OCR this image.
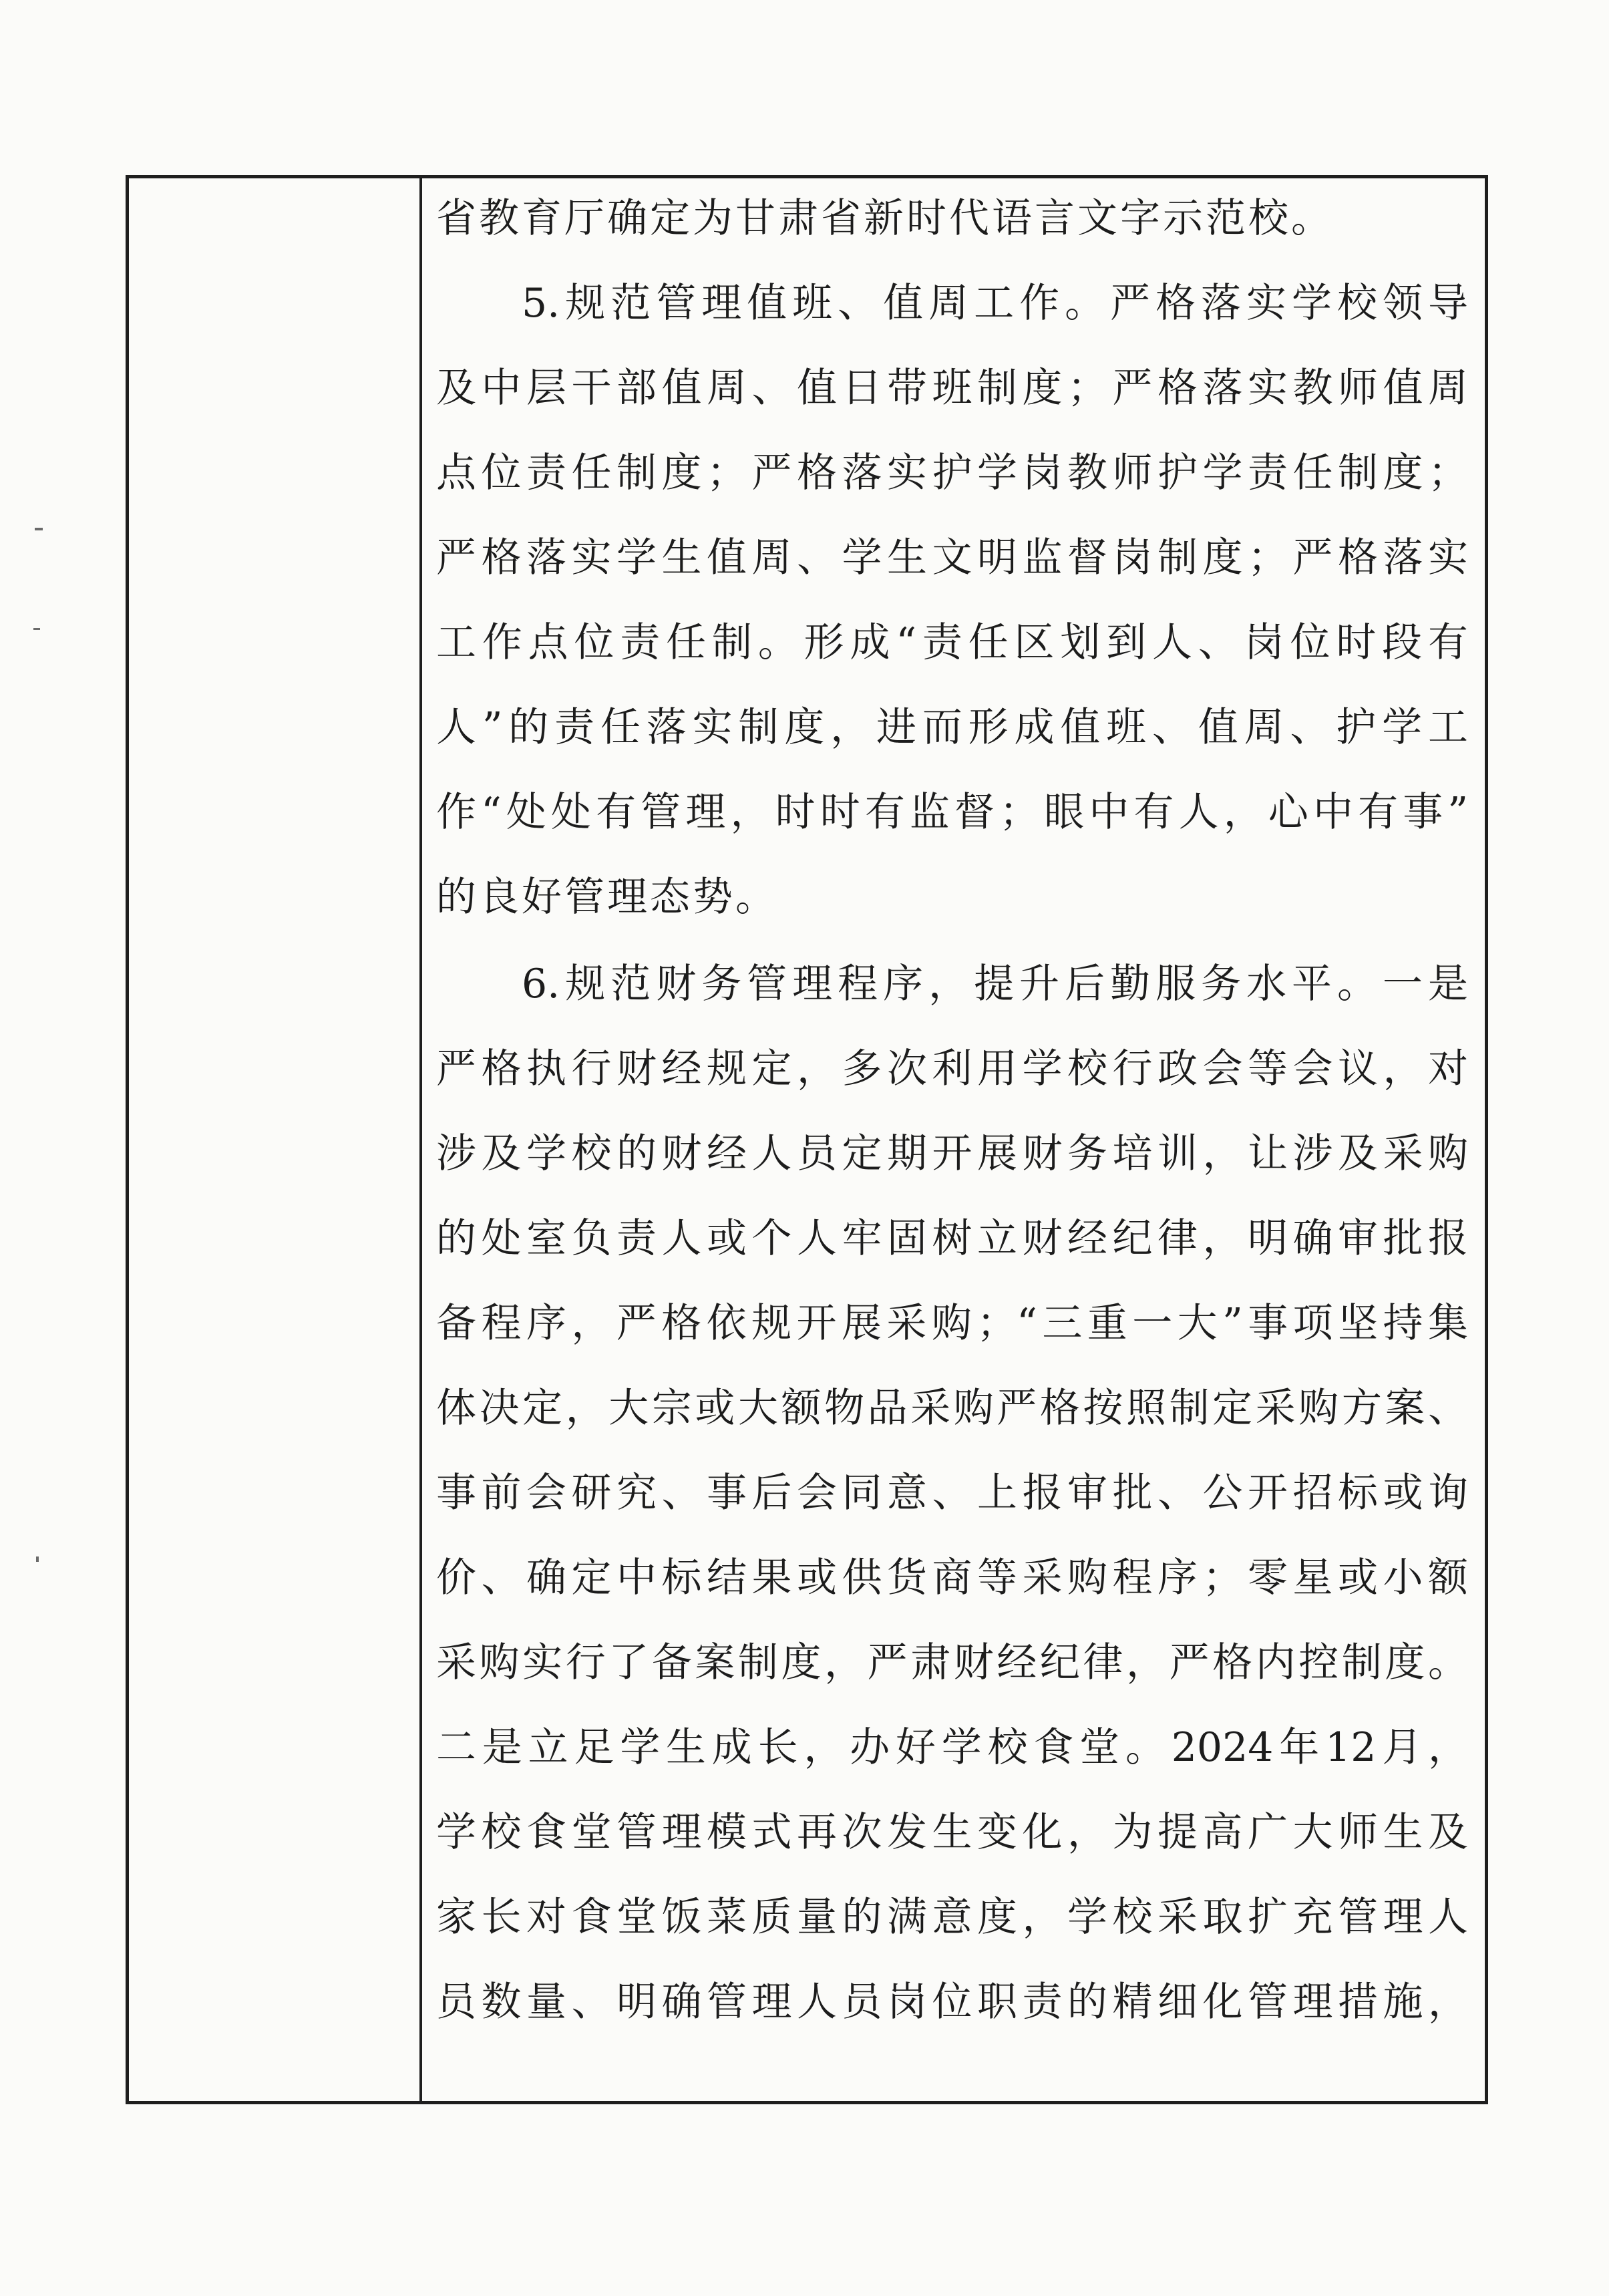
省教育厅确定为甘肃省新时代语言文字示范校。
5.规范管理值班、值周工作。严格落实学校领导
及中层干部值周、值日带班制度；严格落实教师值周
点位责任制度；严格落实护学岗教师护学责任制度；
严格落实学生值周、学生文明监督岗制度；严格落实
工作点位责任制。形成“责任区划到人、岗位时段有
人”的责任落实制度，进而形成值班、值周、护学工
作“处处有管理，时时有监督；眼中有人，心中有事”
的良好管理态势。
6.规范财务管理程序，提升后勤服务水平。一是
严格执行财经规定，多次利用学校行政会等会议，对
涉及学校的财经人员定期开展财务培训，让涉及采购
的处室负责人或个人牢固树立财经纪律，明确审批报
备程序，严格依规开展采购；“三重一大”事项坚持集
体决定，大宗或大额物品采购严格按照制定采购方案、
事前会研究、事后会同意、上报审批、公开招标或询
价、确定中标结果或供货商等采购程序；零星或小额
采购实行了备案制度，严肃财经纪律，严格内控制度。
二是立足学生成长，办好学校食堂。2024年12月，
学校食堂管理模式再次发生变化，为提高广大师生及
家长对食堂饭菜质量的满意度，学校采取扩充管理人
员数量、明确管理人员岗位职责的精细化管理措施，
